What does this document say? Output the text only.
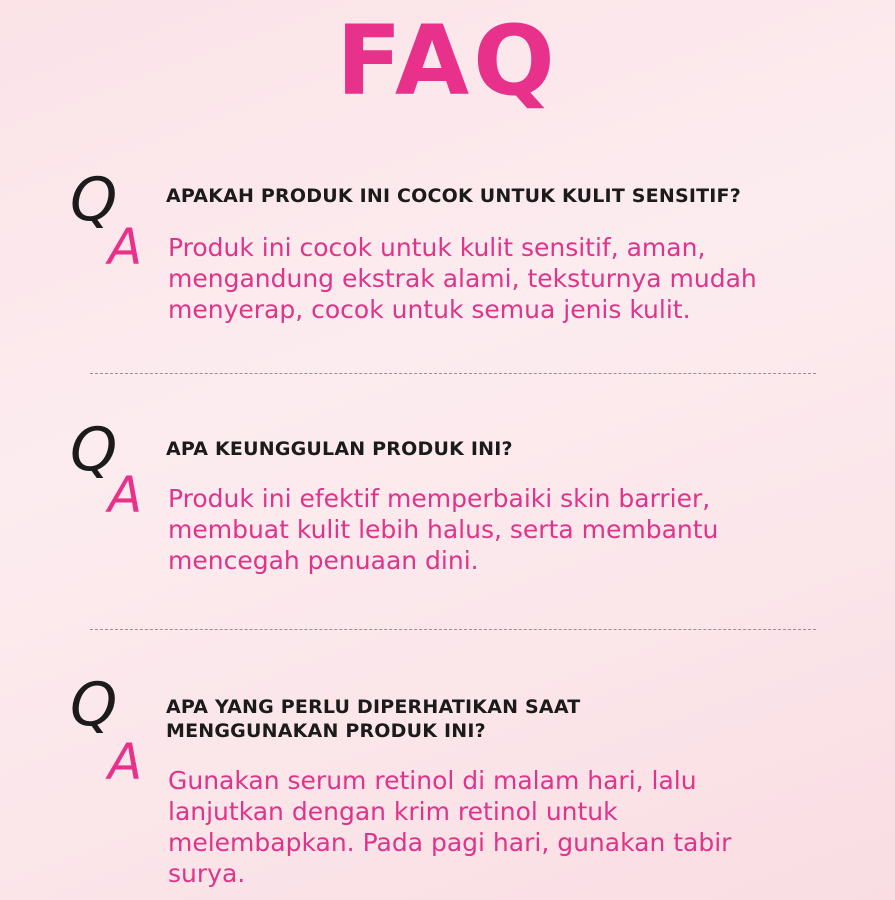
FAQ
Q
A
APAKAH PRODUK INI COCOK UNTUK KULIT SENSITIF?
Produk ini cocok untuk kulit sensitif, aman, mengandung ekstrak alami, teksturnya mudah menyerap, cocok untuk semua jenis kulit.
Q
A
APA KEUNGGULAN PRODUK INI?
Produk ini efektif memperbaiki skin barrier, membuat kulit lebih halus, serta membantu mencegah penuaan dini.
Q
A
APA YANG PERLU DIPERHATIKAN SAAT MENGGUNAKAN PRODUK INI?
Gunakan serum retinol di malam hari, lalu lanjutkan dengan krim retinol untuk melembapkan. Pada pagi hari, gunakan tabir surya.
